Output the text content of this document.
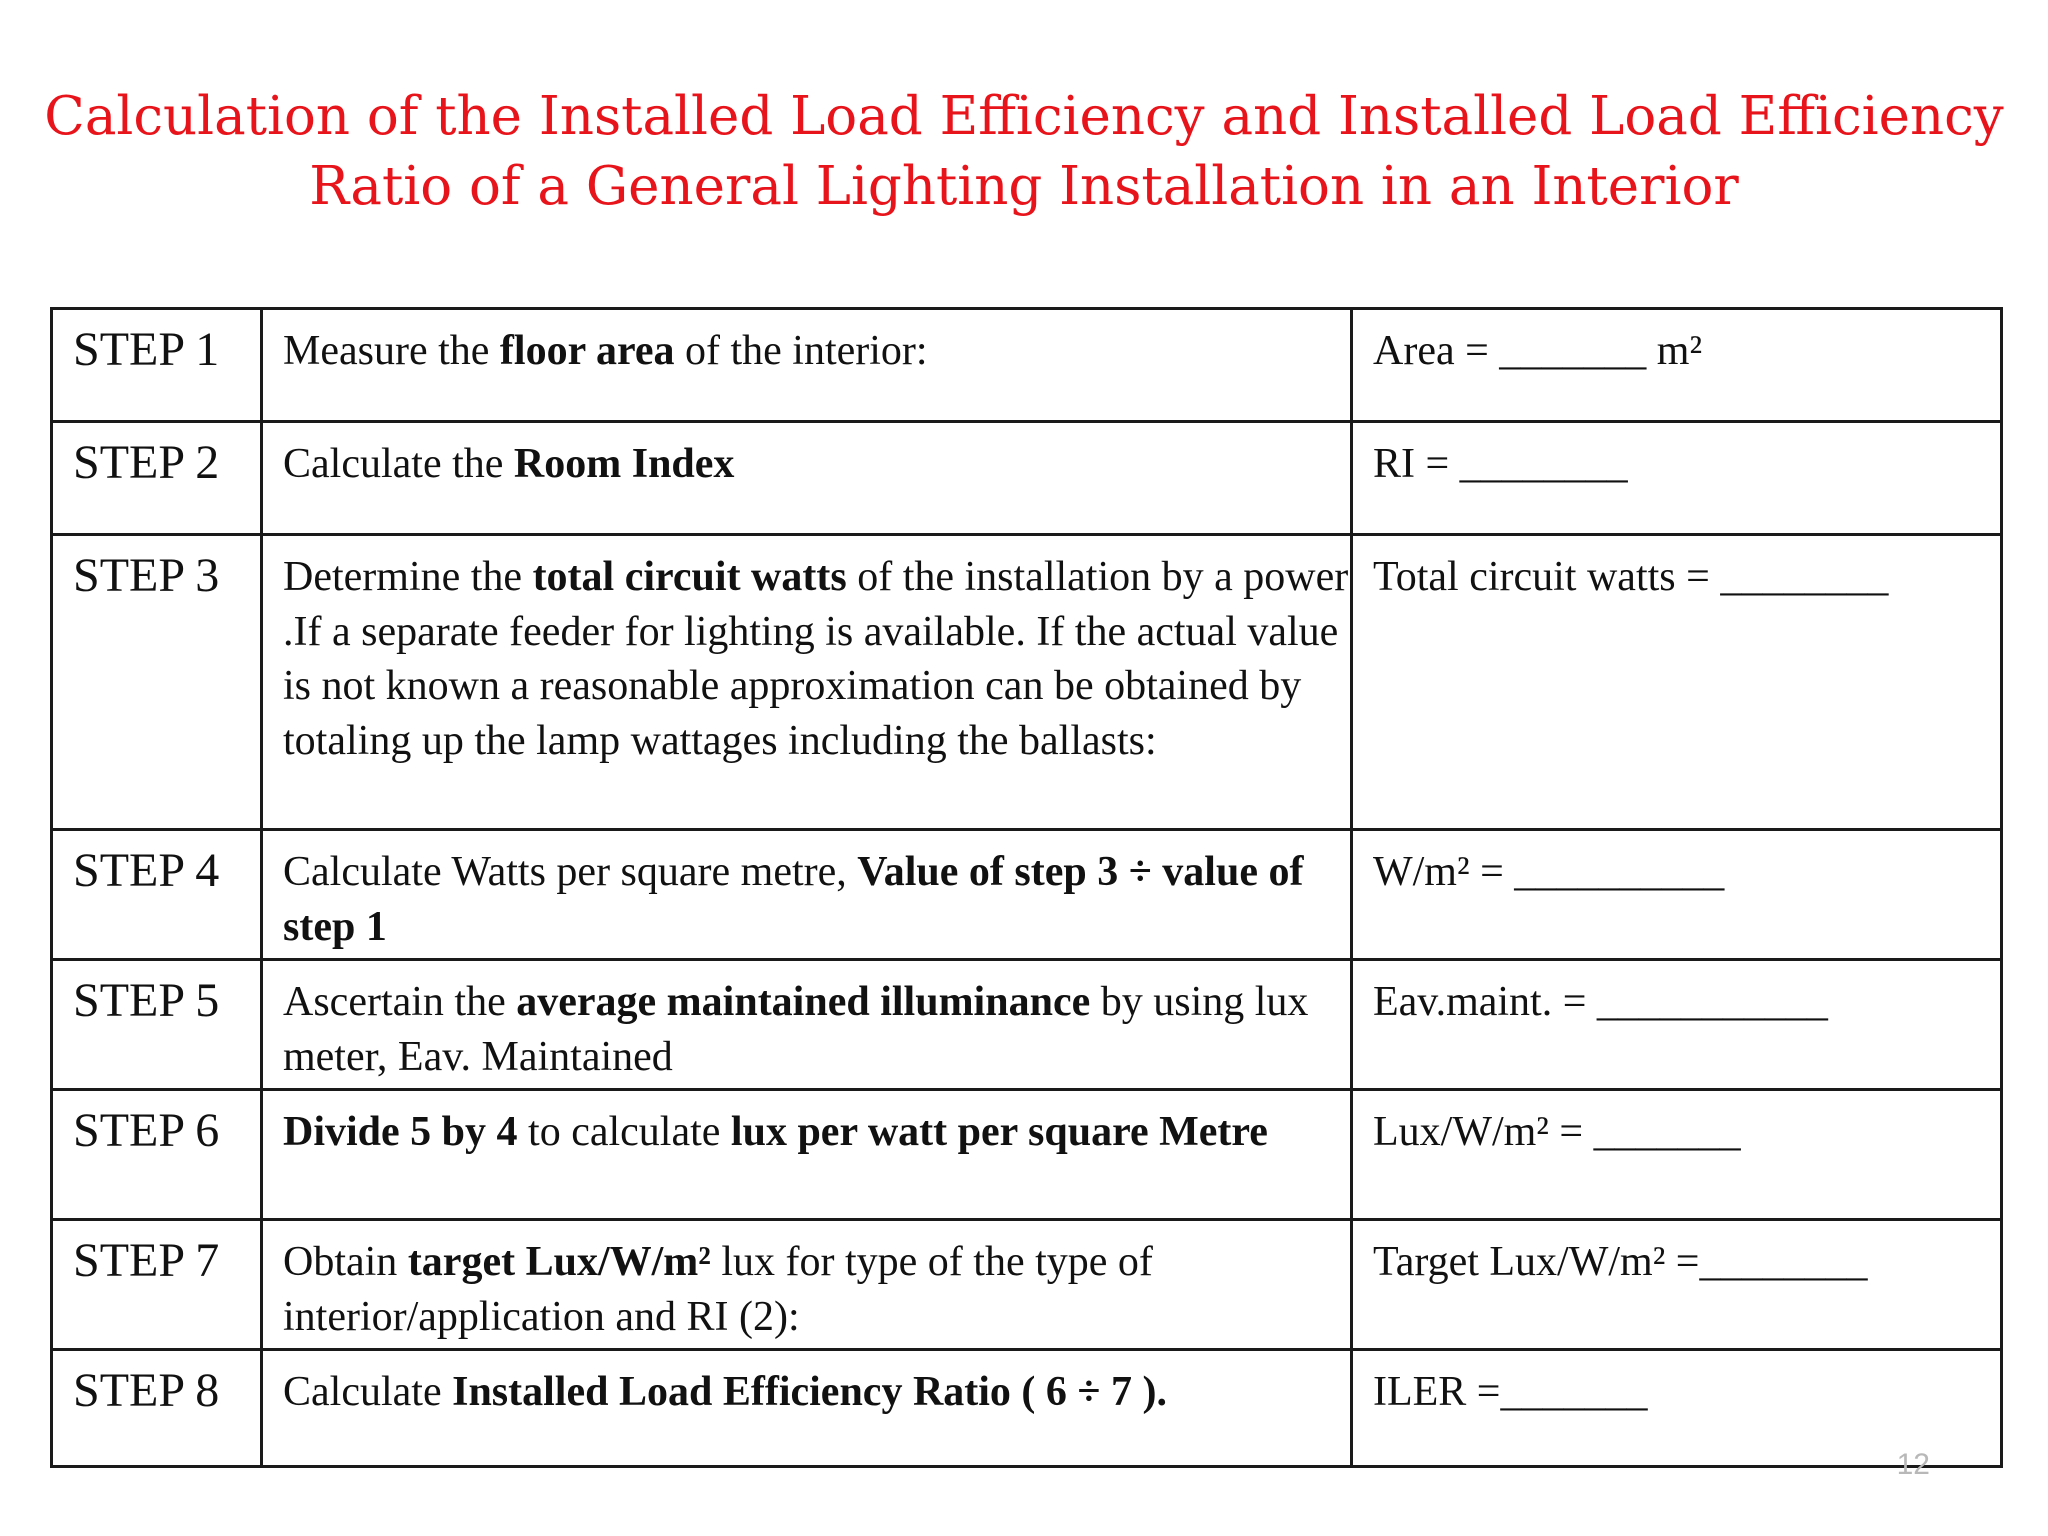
Calculation of the Installed Load Efficiency and Installed Load Efficiency
Ratio of a General Lighting Installation in an Interior
STEP 1	Measure the floor area of the interior:	Area = _______ m²
STEP 2	Calculate the Room Index	RI = ________
STEP 3	Determine the total circuit watts of the installation by a power .If a separate feeder for lighting is available. If the actual value is not known a reasonable approximation can be obtained by totaling up the lamp wattages including the ballasts:	Total circuit watts = ________
STEP 4	Calculate Watts per square metre, Value of step 3 ÷ value of step 1	W/m² = __________
STEP 5	Ascertain the average maintained illuminance by using lux meter, Eav. Maintained	Eav.maint. = ___________
STEP 6	Divide 5 by 4 to calculate lux per watt per square Metre	Lux/W/m² = _______
STEP 7	Obtain target Lux/W/m² lux for type of the type of interior/application and RI (2):	Target Lux/W/m² =________
STEP 8	Calculate Installed Load Efficiency Ratio ( 6 ÷ 7 ).	ILER =_______
12
